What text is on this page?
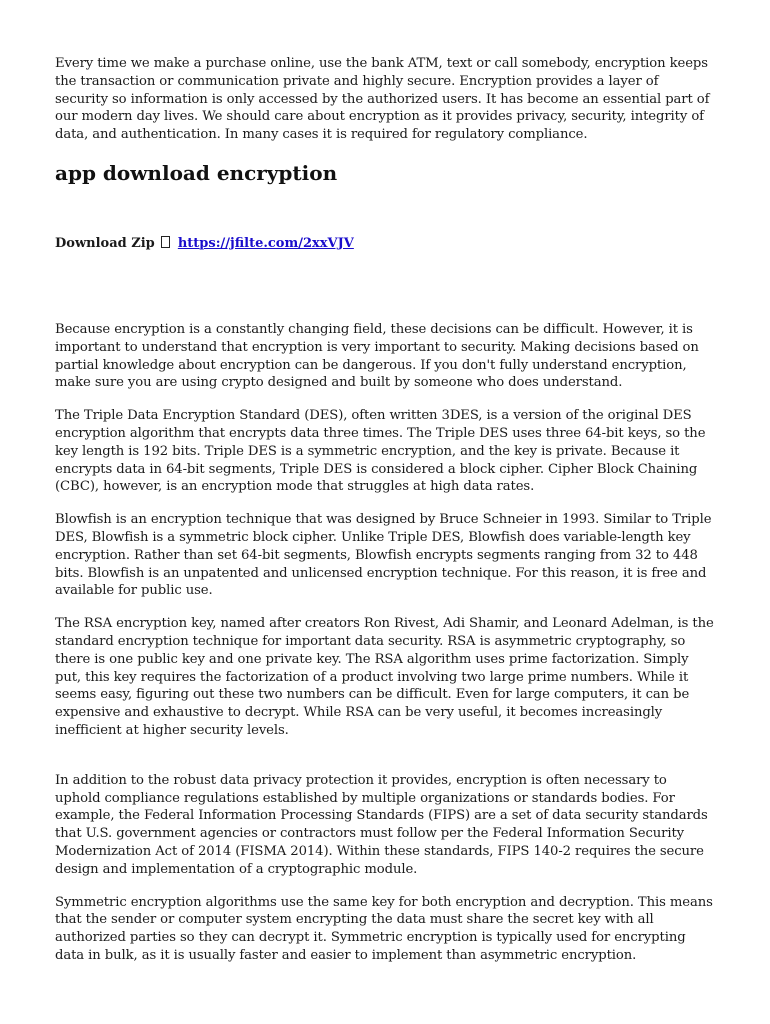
Every time we make a purchase online, use the bank ATM, text or call somebody, encryption keeps the transaction or communication private and highly secure. Encryption provides a layer of security so information is only accessed by the authorized users. It has become an essential part of our modern day lives. We should care about encryption as it provides privacy, security, integrity of data, and authentication. In many cases it is required for regulatory compliance.

app download encryption
Download Zip https://jfilte.com/2xxVJV

Because encryption is a constantly changing field, these decisions can be difficult. However, it is important to understand that encryption is very important to security. Making decisions based on partial knowledge about encryption can be dangerous. If you don't fully understand encryption, make sure you are using crypto designed and built by someone who does understand.

The Triple Data Encryption Standard (DES), often written 3DES, is a version of the original DES encryption algorithm that encrypts data three times. The Triple DES uses three 64-bit keys, so the key length is 192 bits. Triple DES is a symmetric encryption, and the key is private. Because it encrypts data in 64-bit segments, Triple DES is considered a block cipher. Cipher Block Chaining (CBC), however, is an encryption mode that struggles at high data rates.

Blowfish is an encryption technique that was designed by Bruce Schneier in 1993. Similar to Triple DES, Blowfish is a symmetric block cipher. Unlike Triple DES, Blowfish does variable-length key encryption. Rather than set 64-bit segments, Blowfish encrypts segments ranging from 32 to 448 bits. Blowfish is an unpatented and unlicensed encryption technique. For this reason, it is free and available for public use.

The RSA encryption key, named after creators Ron Rivest, Adi Shamir, and Leonard Adelman, is the standard encryption technique for important data security. RSA is asymmetric cryptography, so there is one public key and one private key. The RSA algorithm uses prime factorization. Simply put, this key requires the factorization of a product involving two large prime numbers. While it seems easy, figuring out these two numbers can be difficult. Even for large computers, it can be expensive and exhaustive to decrypt. While RSA can be very useful, it becomes increasingly inefficient at higher security levels.

In addition to the robust data privacy protection it provides, encryption is often necessary to uphold compliance regulations established by multiple organizations or standards bodies. For example, the Federal Information Processing Standards (FIPS) are a set of data security standards that U.S. government agencies or contractors must follow per the Federal Information Security Modernization Act of 2014 (FISMA 2014). Within these standards, FIPS 140-2 requires the secure design and implementation of a cryptographic module.

Symmetric encryption algorithms use the same key for both encryption and decryption. This means that the sender or computer system encrypting the data must share the secret key with all authorized parties so they can decrypt it. Symmetric encryption is typically used for encrypting data in bulk, as it is usually faster and easier to implement than asymmetric encryption.
